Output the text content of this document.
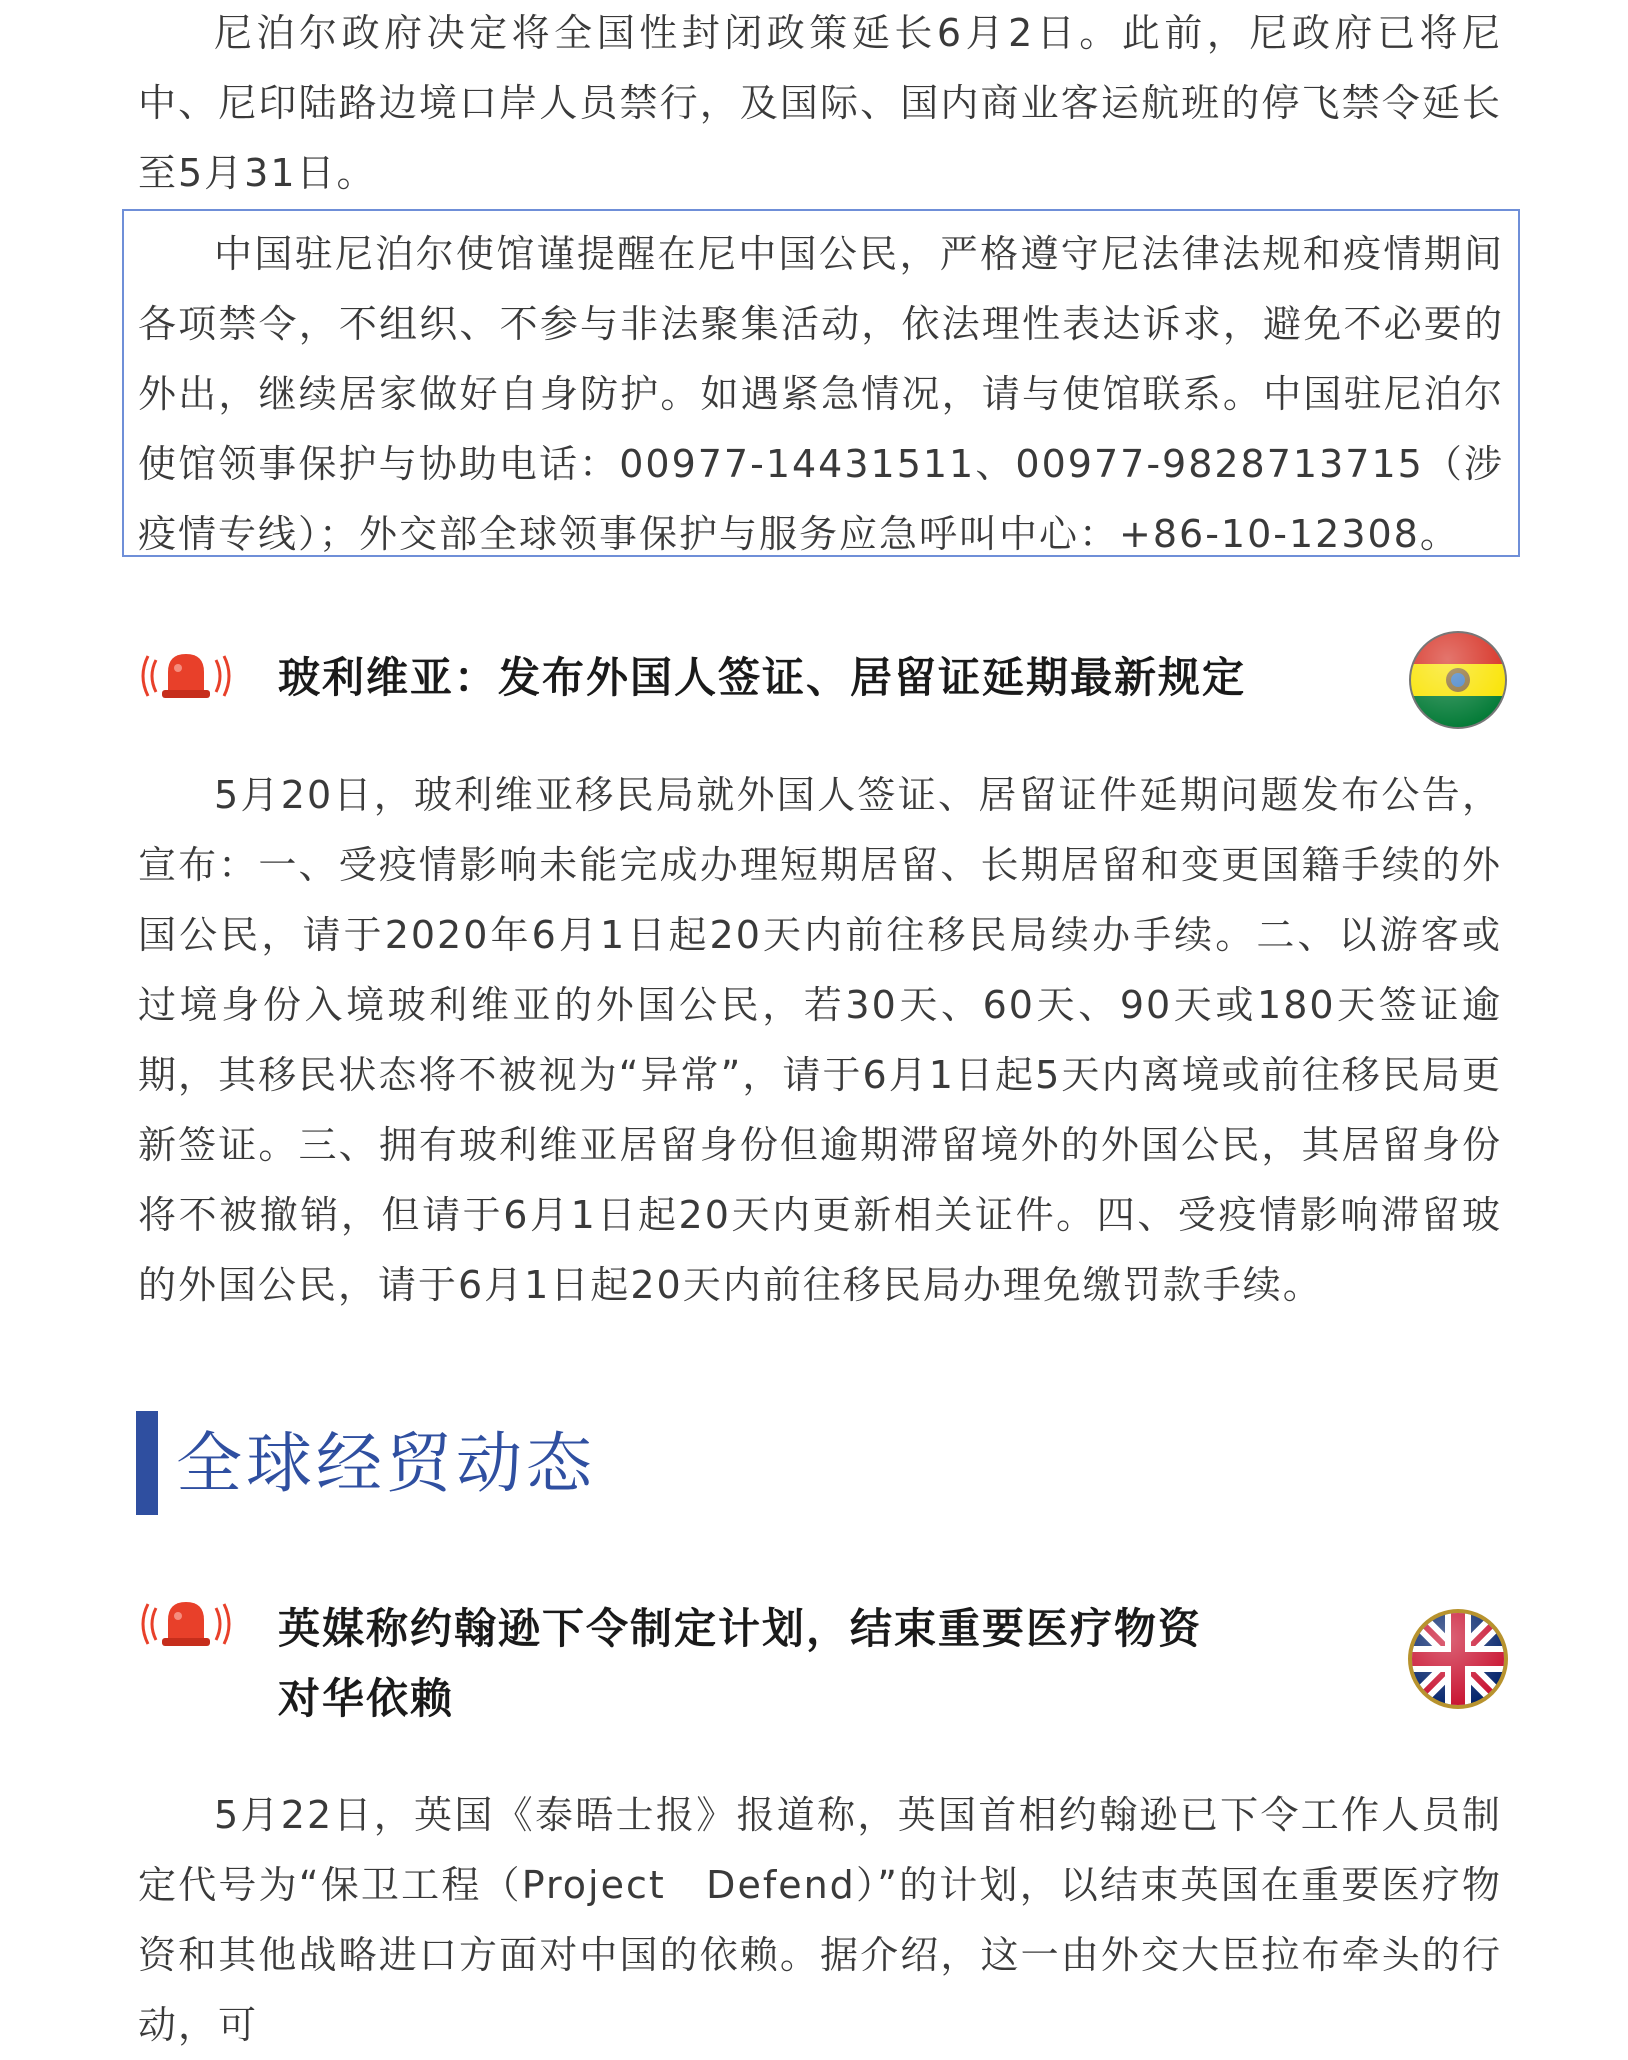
尼泊尔政府决定将全国性封闭政策延长6月2日。此前，尼政府已将尼中、尼印陆路边境口岸人员禁行，及国际、国内商业客运航班的停飞禁令延长至5月31日。

中国驻尼泊尔使馆谨提醒在尼中国公民，严格遵守尼法律法规和疫情期间各项禁令，不组织、不参与非法聚集活动，依法理性表达诉求，避免不必要的外出，继续居家做好自身防护。如遇紧急情况，请与使馆联系。中国驻尼泊尔使馆领事保护与协助电话：00977-14431511、00977-9828713715（涉疫情专线）；外交部全球领事保护与服务应急呼叫中心：+86-10-12308。

玻利维亚：发布外国人签证、居留证延期最新规定

5月20日，玻利维亚移民局就外国人签证、居留证件延期问题发布公告，宣布：一、受疫情影响未能完成办理短期居留、长期居留和变更国籍手续的外国公民，请于2020年6月1日起20天内前往移民局续办手续。二、以游客或过境身份入境玻利维亚的外国公民，若30天、60天、90天或180天签证逾期，其移民状态将不被视为“异常”，请于6月1日起5天内离境或前往移民局更新签证。三、拥有玻利维亚居留身份但逾期滞留境外的外国公民，其居留身份将不被撤销，但请于6月1日起20天内更新相关证件。四、受疫情影响滞留玻的外国公民，请于6月1日起20天内前往移民局办理免缴罚款手续。

全球经贸动态
英媒称约翰逊下令制定计划，结束重要医疗物资
对华依赖

5月22日，英国《泰晤士报》报道称，英国首相约翰逊已下令工作人员制定代号为“保卫工程（Project　Defend）”的计划，以结束英国在重要医疗物资和其他战略进口方面对中国的依赖。据介绍，这一由外交大臣拉布牵头的行动，可
